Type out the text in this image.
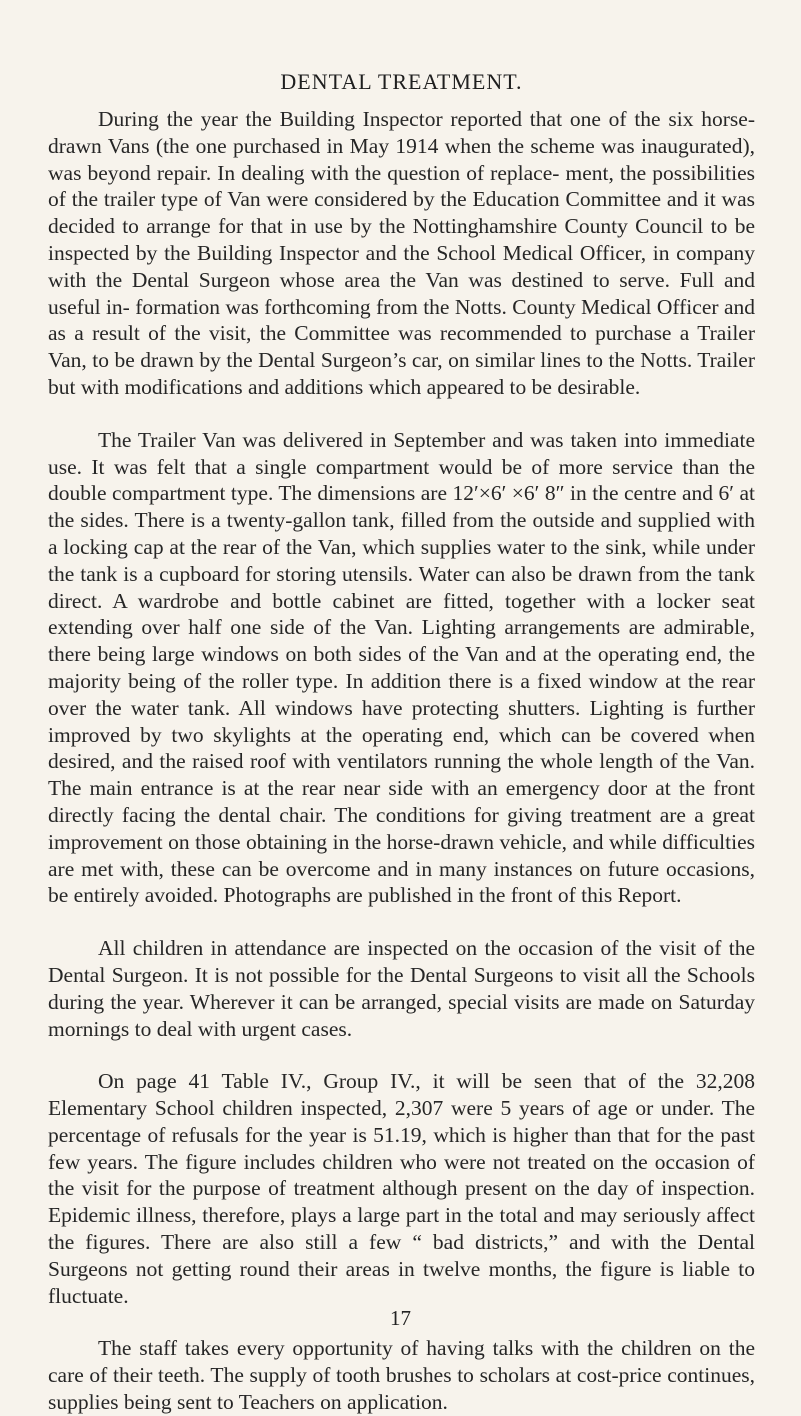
DENTAL TREATMENT.

During the year the Building Inspector reported that one of the six horse-drawn Vans (the one purchased in May 1914 when the scheme was inaugurated), was beyond repair. In dealing with the question of replace- ment, the possibilities of the trailer type of Van were considered by the Education Committee and it was decided to arrange for that in use by the Nottinghamshire County Council to be inspected by the Building Inspector and the School Medical Officer, in company with the Dental Surgeon whose area the Van was destined to serve. Full and useful in- formation was forthcoming from the Notts. County Medical Officer and as a result of the visit, the Committee was recommended to purchase a Trailer Van, to be drawn by the Dental Surgeon’s car, on similar lines to the Notts. Trailer but with modifications and additions which appeared to be desirable.

The Trailer Van was delivered in September and was taken into immediate use. It was felt that a single compartment would be of more service than the double compartment type. The dimensions are 12′×6′ ×6′ 8″ in the centre and 6′ at the sides. There is a twenty-gallon tank, filled from the outside and supplied with a locking cap at the rear of the Van, which supplies water to the sink, while under the tank is a cupboard for storing utensils. Water can also be drawn from the tank direct. A wardrobe and bottle cabinet are fitted, together with a locker seat extending over half one side of the Van. Lighting arrangements are admirable, there being large windows on both sides of the Van and at the operating end, the majority being of the roller type. In addition there is a fixed window at the rear over the water tank. All windows have protecting shutters. Lighting is further improved by two skylights at the operating end, which can be covered when desired, and the raised roof with ventilators running the whole length of the Van. The main entrance is at the rear near side with an emergency door at the front directly facing the dental chair. The conditions for giving treatment are a great improvement on those obtaining in the horse-drawn vehicle, and while difficulties are met with, these can be overcome and in many instances on future occasions, be entirely avoided. Photographs are published in the front of this Report.

All children in attendance are inspected on the occasion of the visit of the Dental Surgeon. It is not possible for the Dental Surgeons to visit all the Schools during the year. Wherever it can be arranged, special visits are made on Saturday mornings to deal with urgent cases.

On page 41 Table IV., Group IV., it will be seen that of the 32,208 Elementary School children inspected, 2,307 were 5 years of age or under. The percentage of refusals for the year is 51.19, which is higher than that for the past few years. The figure includes children who were not treated on the occasion of the visit for the purpose of treatment although present on the day of inspection. Epidemic illness, therefore, plays a large part in the total and may seriously affect the figures. There are also still a few “ bad districts,” and with the Dental Surgeons not getting round their areas in twelve months, the figure is liable to fluctuate.

The staff takes every opportunity of having talks with the children on the care of their teeth. The supply of tooth brushes to scholars at cost-price continues, supplies being sent to Teachers on application.

17
